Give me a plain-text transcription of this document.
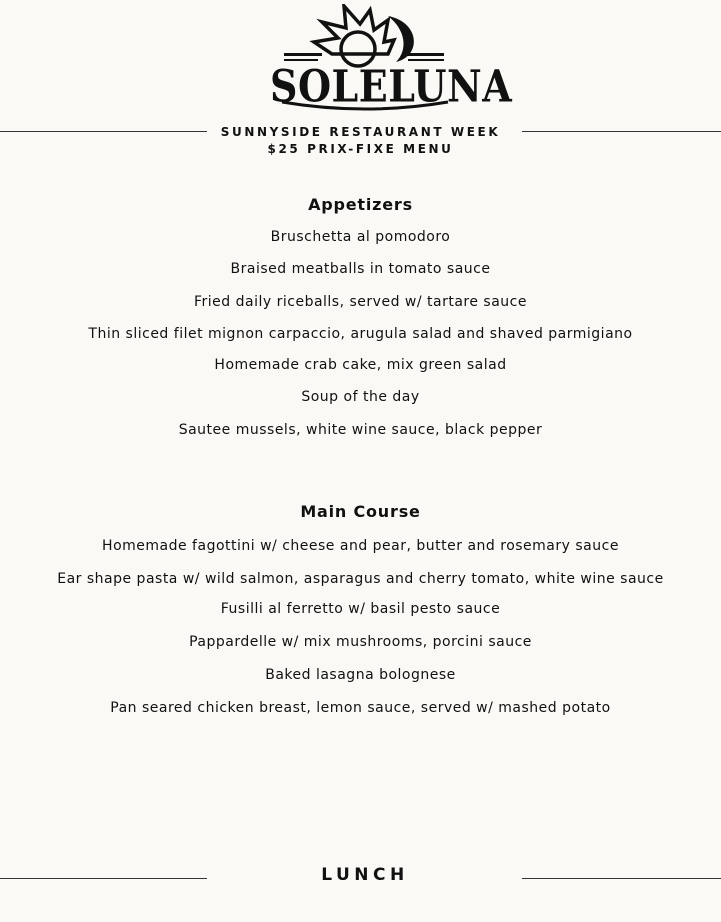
SOLELUNA
SUNNYSIDE RESTAURANT WEEK
$25 PRIX-FIXE MENU
Appetizers
Bruschetta al pomodoro
Braised meatballs in tomato sauce
Fried daily riceballs, served w/ tartare sauce
Thin sliced filet mignon carpaccio, arugula salad and shaved parmigiano
Homemade crab cake, mix green salad
Soup of the day
Sautee mussels, white wine sauce, black pepper
Main Course
Homemade fagottini w/ cheese and pear, butter and rosemary sauce
Ear shape pasta w/ wild salmon, asparagus and cherry tomato, white wine sauce
Fusilli al ferretto w/ basil pesto sauce
Pappardelle w/ mix mushrooms, porcini sauce
Baked lasagna bolognese
Pan seared chicken breast, lemon sauce, served w/ mashed potato
LUNCH
